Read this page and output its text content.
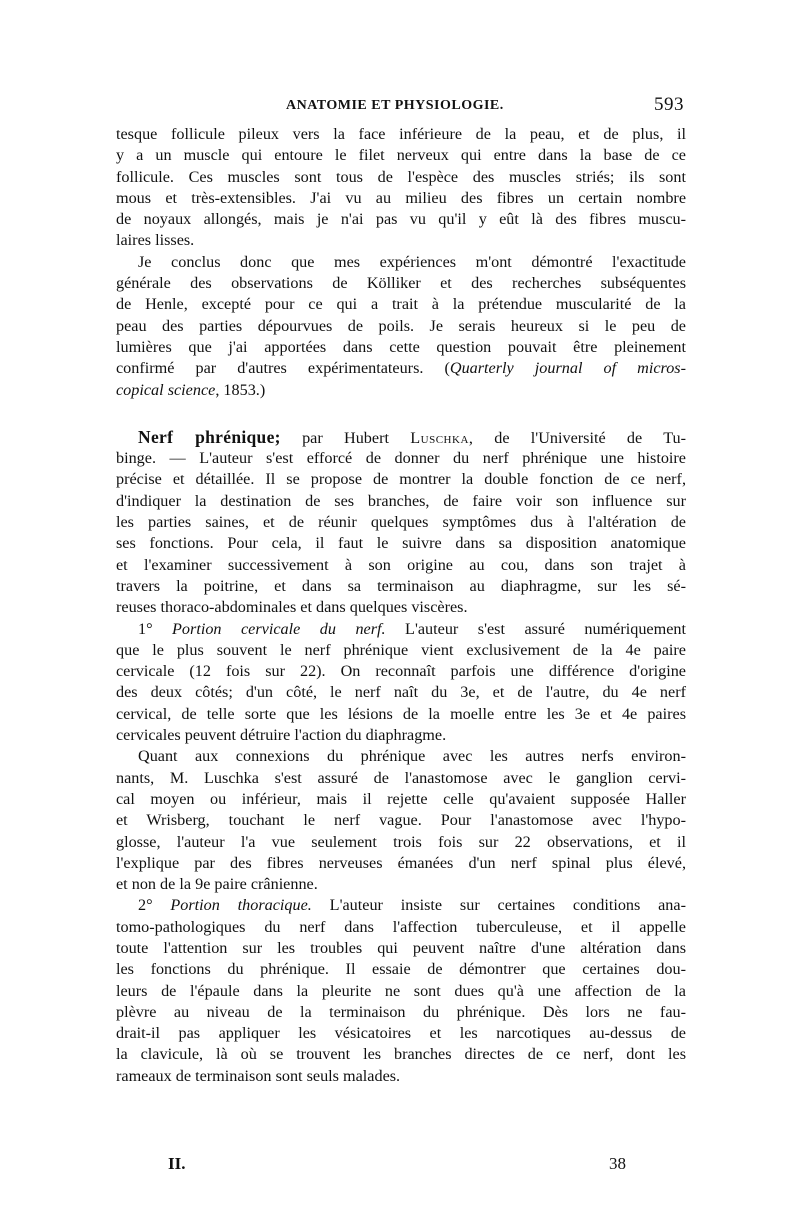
ANATOMIE ET PHYSIOLOGIE.	593
tesque follicule pileux vers la face inférieure de la peau, et de plus, il
y a un muscle qui entoure le filet nerveux qui entre dans la base de ce
follicule. Ces muscles sont tous de l'espèce des muscles striés; ils sont
mous et très-extensibles. J'ai vu au milieu des fibres un certain nombre
de noyaux allongés, mais je n'ai pas vu qu'il y eût là des fibres muscu-
laires lisses.
Je conclus donc que mes expériences m'ont démontré l'exactitude
générale des observations de Kölliker et des recherches subséquentes
de Henle, excepté pour ce qui a trait à la prétendue muscularité de la
peau des parties dépourvues de poils. Je serais heureux si le peu de
lumières que j'ai apportées dans cette question pouvait être pleinement
confirmé par d'autres expérimentateurs. (Quarterly journal of micros-
copical science, 1853.)
Nerf phrénique; par Hubert Luschka, de l'Université de Tu-
binge. — L'auteur s'est efforcé de donner du nerf phrénique une histoire
précise et détaillée. Il se propose de montrer la double fonction de ce nerf,
d'indiquer la destination de ses branches, de faire voir son influence sur
les parties saines, et de réunir quelques symptômes dus à l'altération de
ses fonctions. Pour cela, il faut le suivre dans sa disposition anatomique
et l'examiner successivement à son origine au cou, dans son trajet à
travers la poitrine, et dans sa terminaison au diaphragme, sur les sé-
reuses thoraco-abdominales et dans quelques viscères.
1° Portion cervicale du nerf. L'auteur s'est assuré numériquement
que le plus souvent le nerf phrénique vient exclusivement de la 4e paire
cervicale (12 fois sur 22). On reconnaît parfois une différence d'origine
des deux côtés; d'un côté, le nerf naît du 3e, et de l'autre, du 4e nerf
cervical, de telle sorte que les lésions de la moelle entre les 3e et 4e paires
cervicales peuvent détruire l'action du diaphragme.
Quant aux connexions du phrénique avec les autres nerfs environ-
nants, M. Luschka s'est assuré de l'anastomose avec le ganglion cervi-
cal moyen ou inférieur, mais il rejette celle qu'avaient supposée Haller
et Wrisberg, touchant le nerf vague. Pour l'anastomose avec l'hypo-
glosse, l'auteur l'a vue seulement trois fois sur 22 observations, et il
l'explique par des fibres nerveuses émanées d'un nerf spinal plus élevé,
et non de la 9e paire crânienne.
2° Portion thoracique. L'auteur insiste sur certaines conditions ana-
tomo-pathologiques du nerf dans l'affection tuberculeuse, et il appelle
toute l'attention sur les troubles qui peuvent naître d'une altération dans
les fonctions du phrénique. Il essaie de démontrer que certaines dou-
leurs de l'épaule dans la pleurite ne sont dues qu'à une affection de la
plèvre au niveau de la terminaison du phrénique. Dès lors ne fau-
drait-il pas appliquer les vésicatoires et les narcotiques au-dessus de
la clavicule, là où se trouvent les branches directes de ce nerf, dont les
rameaux de terminaison sont seuls malades.
II.	38
